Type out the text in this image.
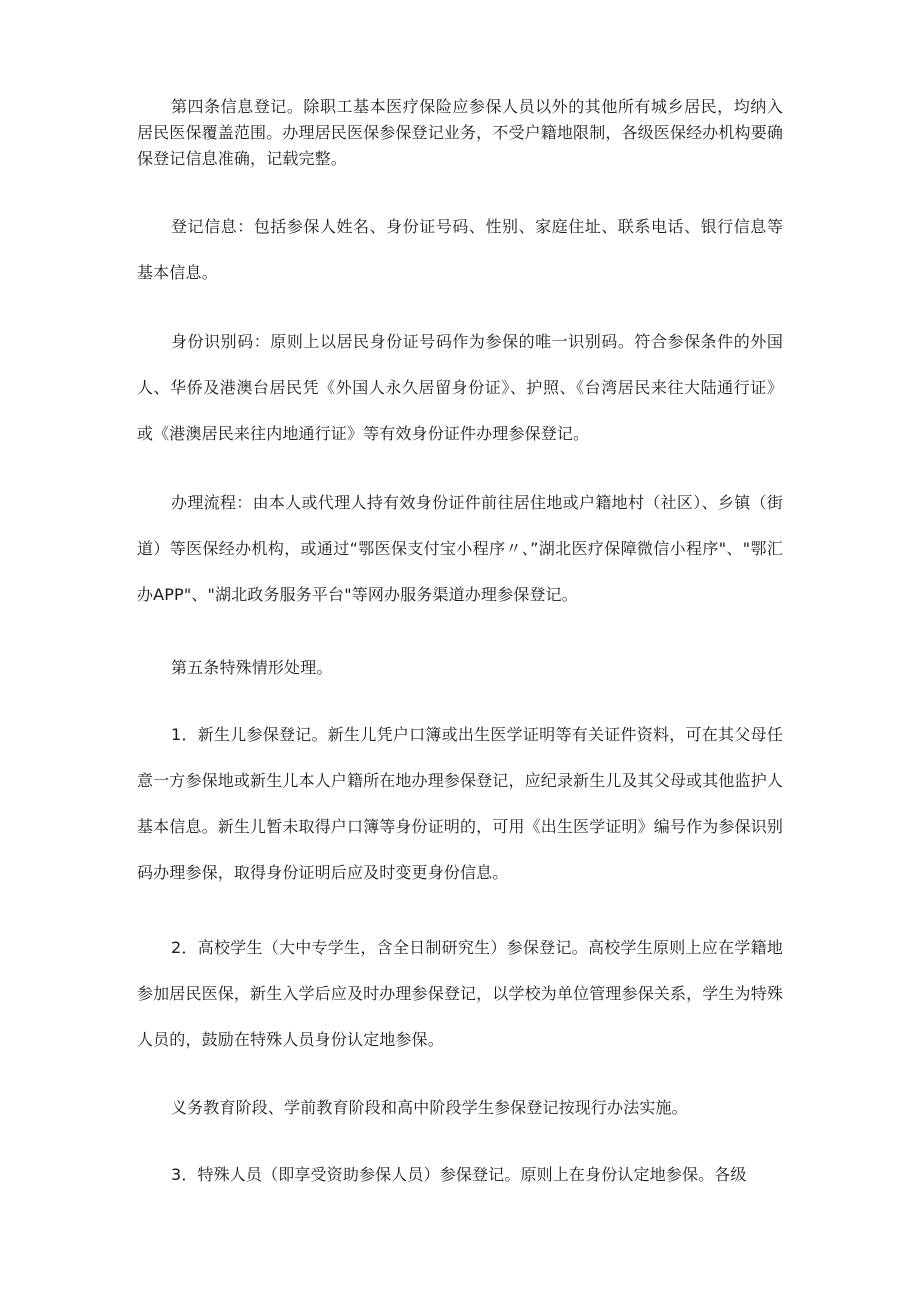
第四条信息登记。除职工基本医疗保险应参保人员以外的其他所有城乡居民，均纳入居民医保覆盖范围。办理居民医保参保登记业务，不受户籍地限制，各级医保经办机构要确保登记信息准确，记载完整。

登记信息：包括参保人姓名、身份证号码、性别、家庭住址、联系电话、银行信息等基本信息。

身份识别码：原则上以居民身份证号码作为参保的唯一识别码。符合参保条件的外国人、华侨及港澳台居民凭《外国人永久居留身份证》、护照、《台湾居民来往大陆通行证》或《港澳居民来往内地通行证》等有效身份证件办理参保登记。

办理流程：由本人或代理人持有效身份证件前往居住地或户籍地村（社区）、乡镇（街道）等医保经办机构，或通过“鄂医保支付宝小程序〃、”湖北医疗保障微信小程序"、"鄂汇办APP"、"湖北政务服务平台"等网办服务渠道办理参保登记。

第五条特殊情形处理。

1．新生儿参保登记。新生儿凭户口簿或出生医学证明等有关证件资料，可在其父母任意一方参保地或新生儿本人户籍所在地办理参保登记，应纪录新生儿及其父母或其他监护人基本信息。新生儿暂未取得户口簿等身份证明的，可用《出生医学证明》编号作为参保识别码办理参保，取得身份证明后应及时变更身份信息。

2．高校学生（大中专学生，含全日制研究生）参保登记。高校学生原则上应在学籍地参加居民医保，新生入学后应及时办理参保登记，以学校为单位管理参保关系，学生为特殊人员的，鼓励在特殊人员身份认定地参保。

义务教育阶段、学前教育阶段和高中阶段学生参保登记按现行办法实施。

3．特殊人员（即享受资助参保人员）参保登记。原则上在身份认定地参保。各级
